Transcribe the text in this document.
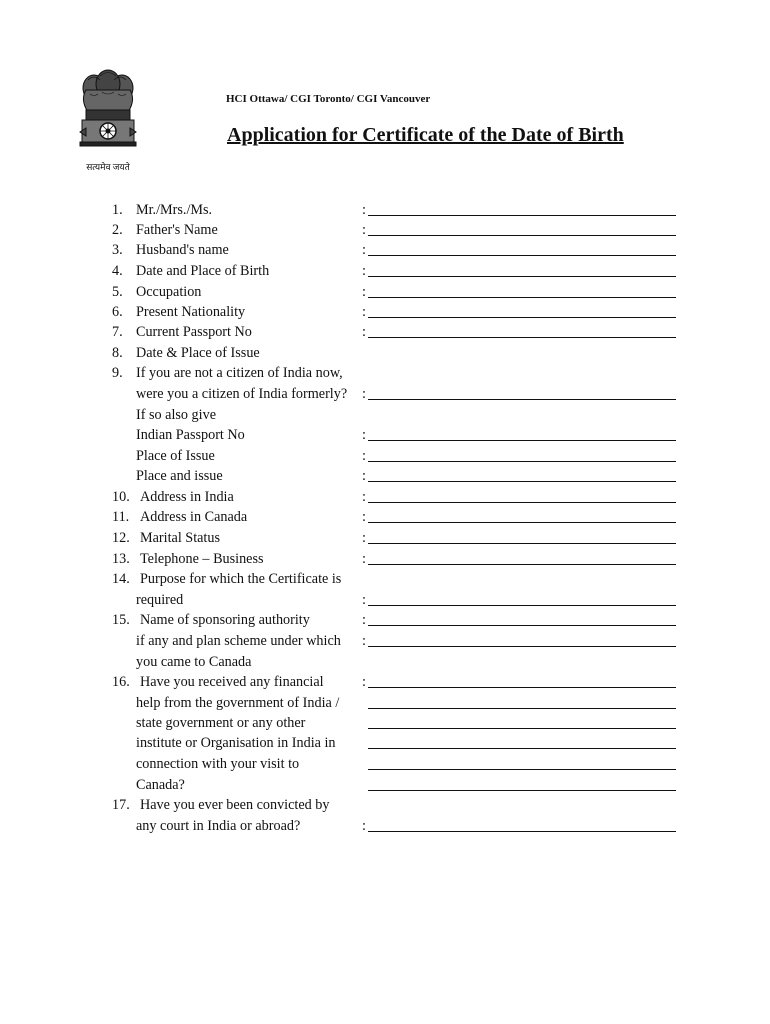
सत्यमेव जयते
HCI Ottawa/ CGI Toronto/ CGI Vancouver
Application for Certificate of the Date of Birth
1. Mr./Mrs./Ms.	:
2. Father's Name	:
3. Husband's name	:
4. Date and Place of Birth	:
5. Occupation	:
6. Present Nationality	:
7. Current Passport No	:
8. Date & Place of Issue
9. If you are not a citizen of India now,
were you a citizen of India formerly? :
If so also give
Indian Passport No	:
Place of Issue	:
Place and issue	:
10. Address in India	:
11. Address in Canada	:
12. Marital Status	:
13. Telephone – Business	:
14. Purpose for which the Certificate is
required	:
15. Name of sponsoring authority	:
if any and plan scheme under which :
you came to Canada
16. Have you received any financial	:
help from the government of India /
state government or any other
institute or Organisation in India in
connection with your visit to
Canada?
17. Have you ever been convicted by
any court in India or abroad?	:
